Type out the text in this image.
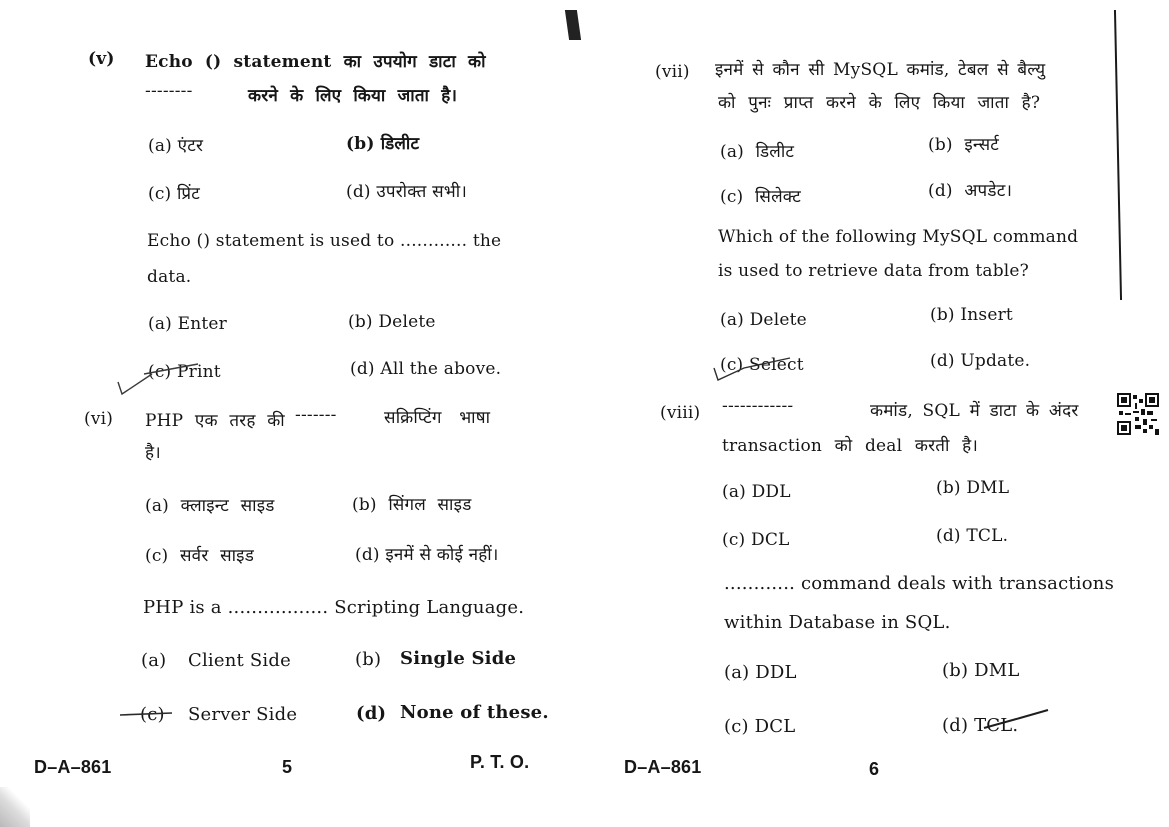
(v) Echo () statement का उपयोग डाटा को
--------	करने के लिए किया जाता है।
(a) एंटर	(b) डिलीट
(c) प्रिंट	(d) उपरोक्त सभी।
Echo () statement is used to ............ the
data.
(a) Enter	(b) Delete
(c) Print	(d) All the above.
(vi) PHP एक तरह की -------	सक्रिप्टिंग भाषा
है।
(a) क्लाइन्ट साइड	(b) सिंगल साइड
(c) सर्वर साइड	(d) इनमें से कोई नहीं।
PHP is a ................. Scripting Language.
(a) Client Side	(b) Single Side
(c) Server Side	(d) None of these.
D–A–861	5	P. T. O.
(vii) इनमें से कौन सी MySQL कमांड, टेबल से बैल्यु
को पुनः प्राप्त करने के लिए किया जाता है?
(a) डिलीट	(b) इन्सर्ट
(c) सिलेक्ट	(d) अपडेट।
Which of the following MySQL command
is used to retrieve data from table?
(a) Delete	(b) Insert
(c) Select	(d) Update.
(viii) ------------	कमांड, SQL में डाटा के अंदर
transaction को deal करती है।
(a) DDL	(b) DML
(c) DCL	(d) TCL.
............ command deals with transactions
within Database in SQL.
(a) DDL	(b) DML
(c) DCL	(d) TCL.
D–A–861	6
